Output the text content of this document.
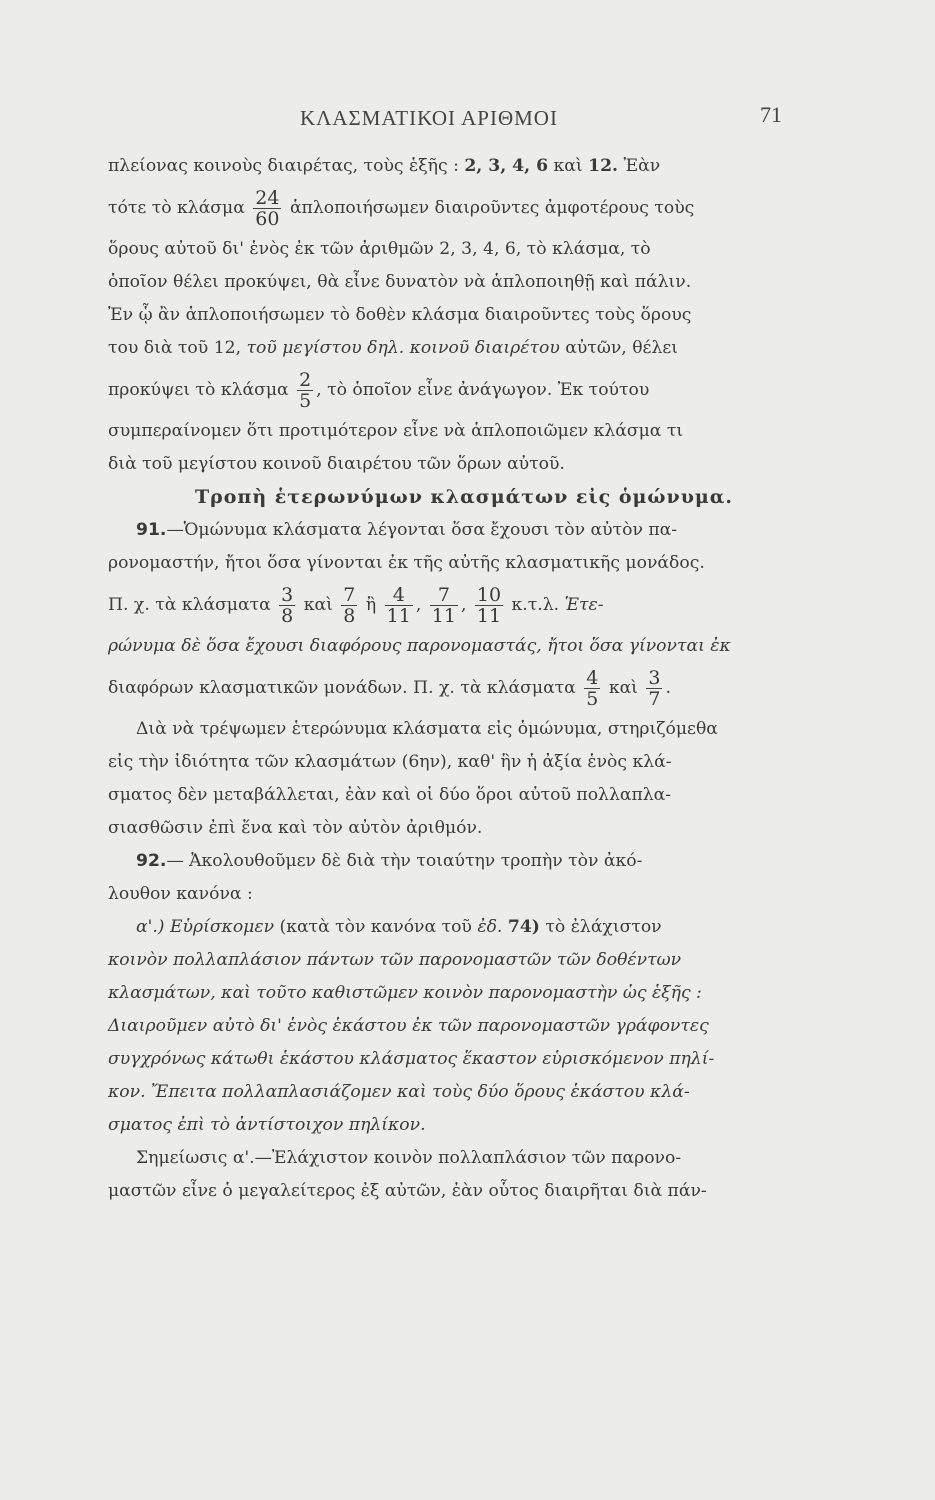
ΚΛΑΣΜΑΤΙΚΟΙ ΑΡΙΘΜΟΙ	71

πλείονας κοινοὺς διαιρέτας, τοὺς ἑξῆς : 2, 3, 4, 6 καὶ 12. Ἐὰν

τότε τὸ κλάσμα $\frac{24}{60}$ ἁπλοποιήσωμεν διαιροῦντες ἀμφοτέρους τοὺς

ὅρους αὐτοῦ δι' ἑνὸς ἐκ τῶν ἀριθμῶν 2, 3, 4, 6, τὸ κλάσμα, τὸ

ὁποῖον θέλει προκύψει, θὰ εἶνε δυνατὸν νὰ ἁπλοποιηθῇ καὶ πάλιν.

Ἐν ᾧ ἂν ἁπλοποιήσωμεν τὸ δοθὲν κλάσμα διαιροῦντες τοὺς ὅρους

του διὰ τοῦ 12, τοῦ μεγίστου δηλ. κοινοῦ διαιρέτου αὐτῶν, θέλει

προκύψει τὸ κλάσμα $\frac{2}{5}$ , τὸ ὁποῖον εἶνε ἀνάγωγον. Ἐκ τούτου

συμπεραίνομεν ὅτι προτιμότερον εἶνε νὰ ἁπλοποιῶμεν κλάσμα τι

διὰ τοῦ μεγίστου κοινοῦ διαιρέτου τῶν ὅρων αὐτοῦ.

Τροπὴ ἑτερωνύμων κλασμάτων εἰς ὁμώνυμα.

91.—Ὁμώνυμα κλάσματα λέγονται ὅσα ἔχουσι τὸν αὐτὸν πα-

ρονομαστήν, ἤτοι ὅσα γίνονται ἐκ τῆς αὐτῆς κλασματικῆς μονάδος.

Π. χ. τὰ κλάσματα $\frac{3}{8}$ καὶ $\frac{7}{8}$ ἢ $\frac{4}{11}$ , $\frac{7}{11}$ , $\frac{10}{11} \kappa.\tau.\lambda$. Ἑτε-

ρώνυμα δὲ ὅσα ἔχουσι διαφόρους παρονομαστάς, ἤτοι ὅσα γίνονται ἐκ

διαφόρων κλασματικῶν μονάδων. Π. χ. τὰ κλάσματα $\frac{4}{5}$ καὶ $\frac{3}{7}$ .

Διὰ νὰ τρέψωμεν ἑτερώνυμα κλάσματα εἰς ὁμώνυμα, στηριζόμεθα

εἰς τὴν ἰδιότητα τῶν κλασμάτων (6ην), καθ' ἣν ἡ ἀξία ἑνὸς κλά-

σματος δὲν μεταβάλλεται, ἐὰν καὶ οἱ δύο ὅροι αὐτοῦ πολλαπλα-

σιασθῶσιν ἐπὶ ἕνα καὶ τὸν αὐτὸν ἀριθμόν.

92.— Ἀκολουθοῦμεν δὲ διὰ τὴν τοιαύτην τροπὴν τὸν ἀκό-

λουθον κανόνα :

α'.) Εὑρίσκομεν (κατὰ τὸν κανόνα τοῦ ἐδ. 74) τὸ ἐλάχιστον

κοινὸν πολλαπλάσιον πάντων τῶν παρονομαστῶν τῶν δοθέντων

κλασμάτων, καὶ τοῦτο καθιστῶμεν κοινὸν παρονομαστὴν ὡς ἑξῆς :

Διαιροῦμεν αὐτὸ δι' ἑνὸς ἑκάστου ἐκ τῶν παρονομαστῶν γράφοντες

συγχρόνως κάτωθι ἑκάστου κλάσματος ἕκαστον εὑρισκόμενον πηλί-

κον. Ἔπειτα πολλαπλασιάζομεν καὶ τοὺς δύο ὅρους ἑκάστου κλά-

σματος ἐπὶ τὸ ἀντίστοιχον πηλίκον.

Σημείωσις α'.—Ἐλάχιστον κοινὸν πολλαπλάσιον τῶν παρονο-

μαστῶν εἶνε ὁ μεγαλείτερος ἐξ αὐτῶν, ἐὰν οὗτος διαιρῆται διὰ πάν-
